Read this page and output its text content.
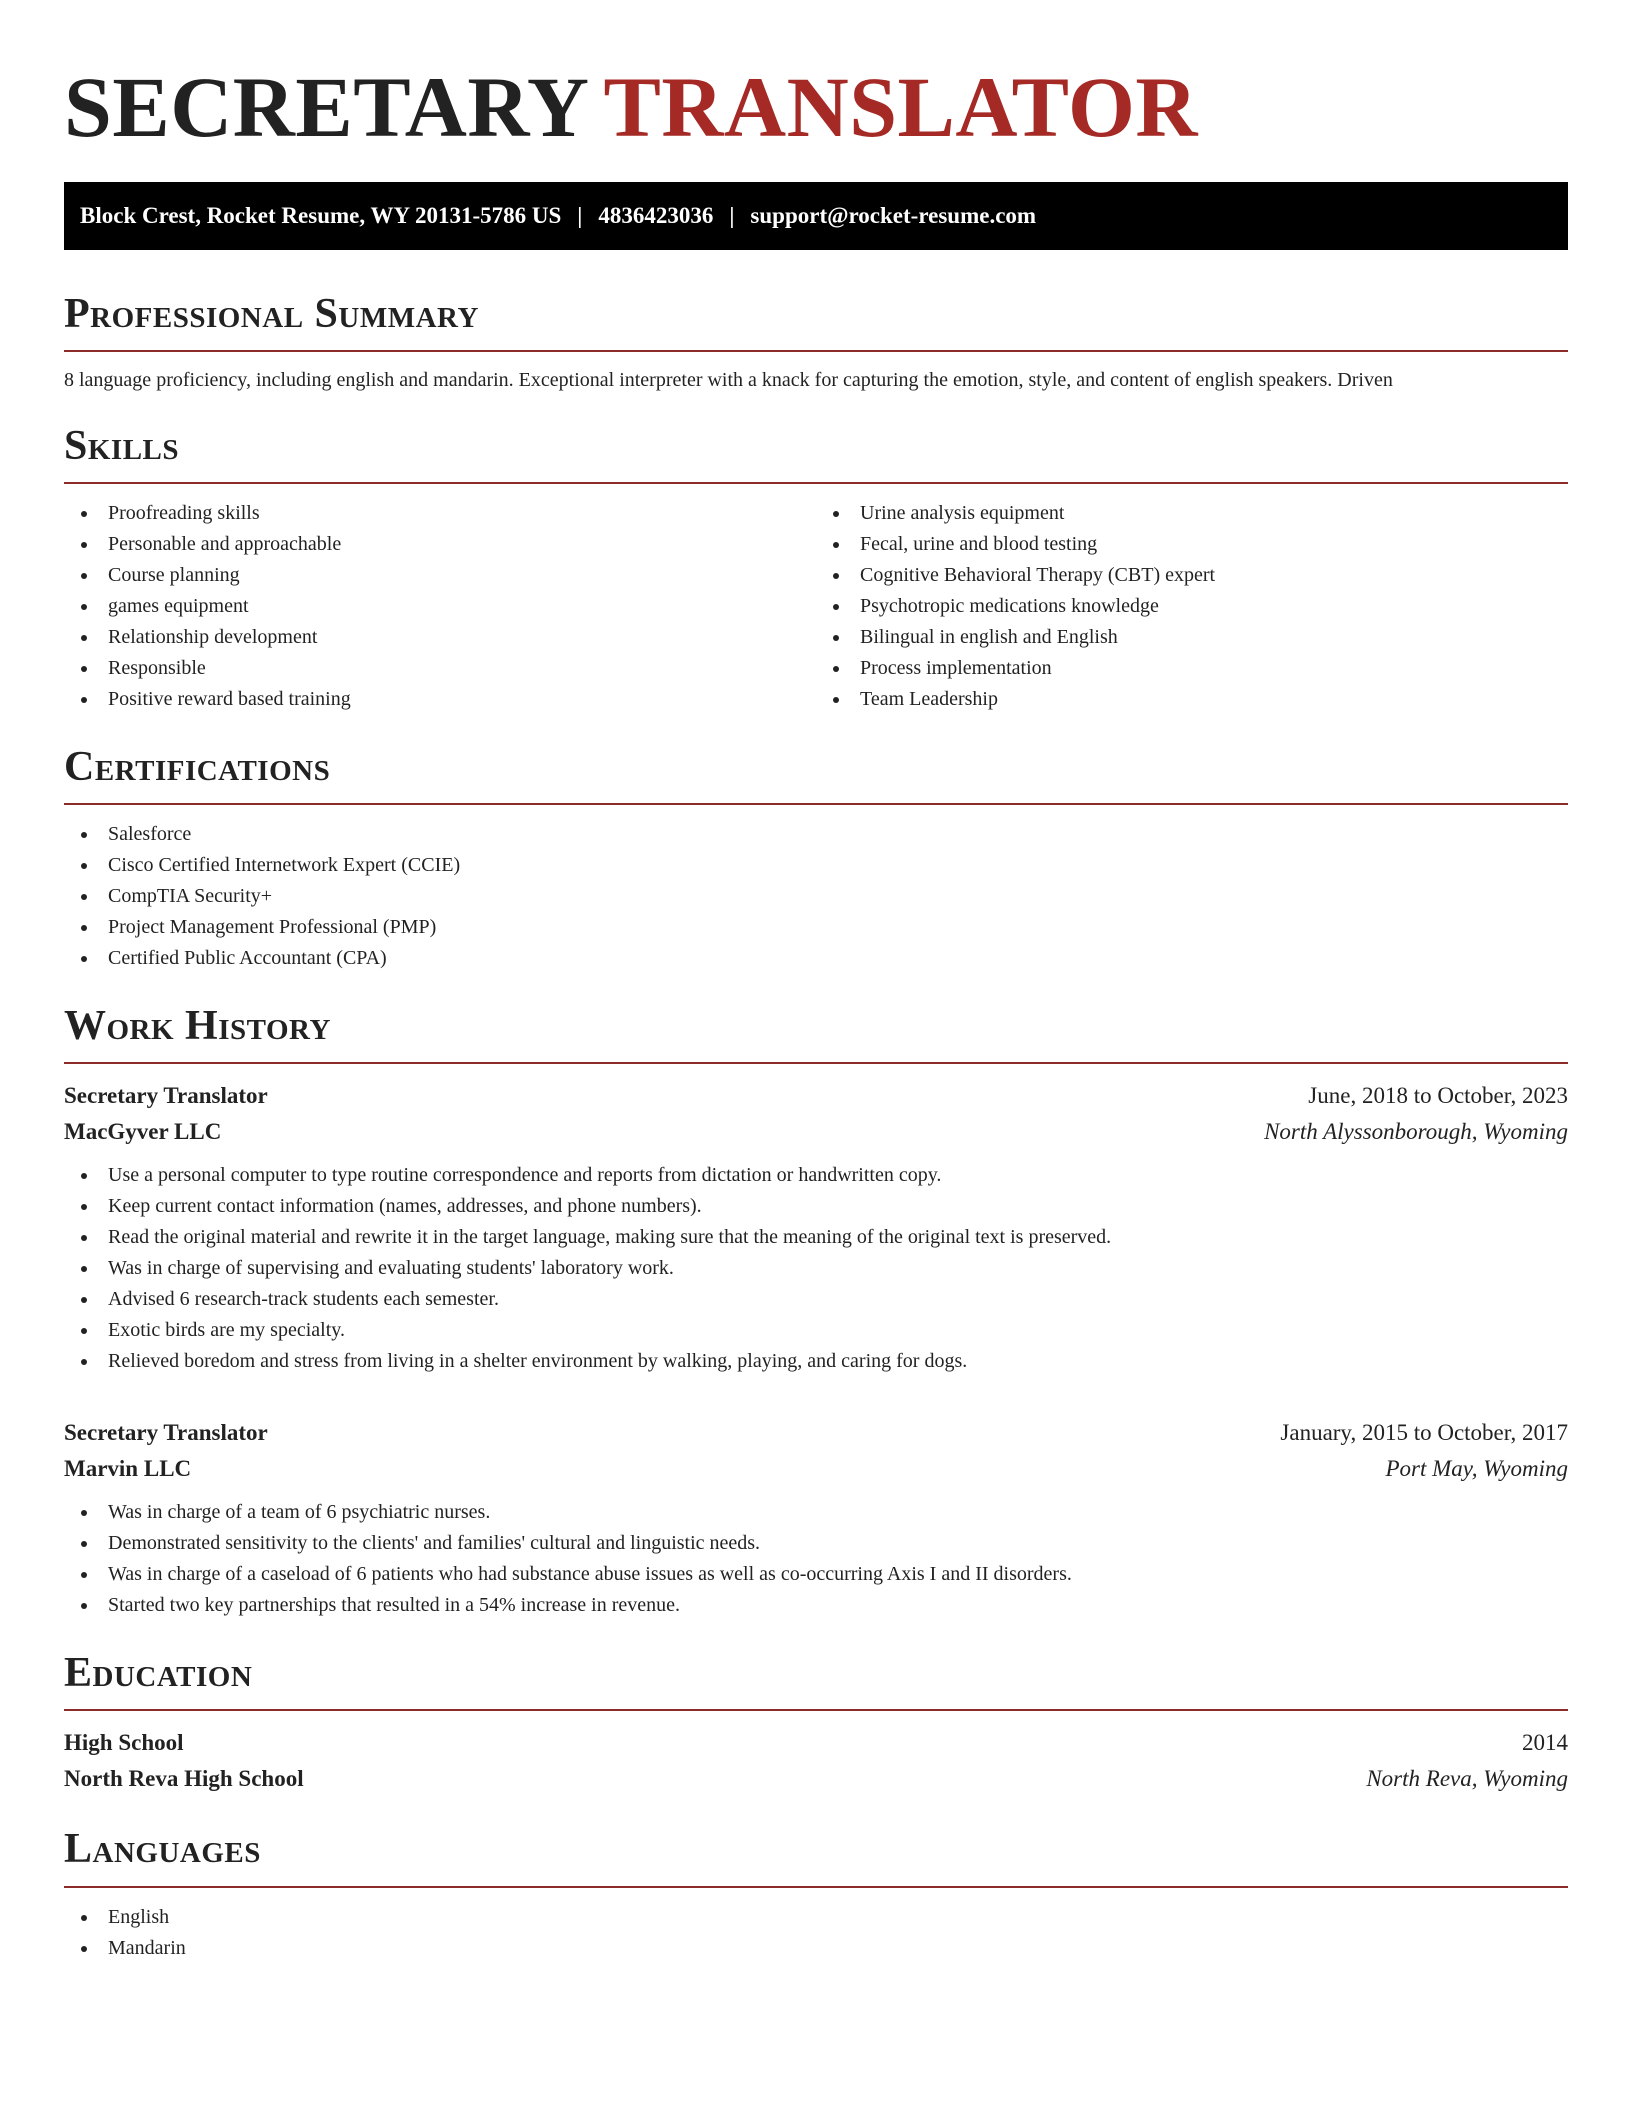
SECRETARY TRANSLATOR
Block Crest, Rocket Resume, WY 20131-5786 US | 4836423036 | support@rocket-resume.com
Professional Summary

8 language proficiency, including english and mandarin. Exceptional interpreter with a knack for capturing the emotion, style, and content of english speakers. Driven

Skills
Proofreading skills
Personable and approachable
Course planning
games equipment
Relationship development
Responsible
Positive reward based training
Urine analysis equipment
Fecal, urine and blood testing
Cognitive Behavioral Therapy (CBT) expert
Psychotropic medications knowledge
Bilingual in english and English
Process implementation
Team Leadership
Certifications
Salesforce
Cisco Certified Internetwork Expert (CCIE)
CompTIA Security+
Project Management Professional (PMP)
Certified Public Accountant (CPA)
Work History
Secretary Translator	June, 2018 to October, 2023
MacGyver LLC	North Alyssonborough, Wyoming
Use a personal computer to type routine correspondence and reports from dictation or handwritten copy.
Keep current contact information (names, addresses, and phone numbers).
Read the original material and rewrite it in the target language, making sure that the meaning of the original text is preserved.
Was in charge of supervising and evaluating students' laboratory work.
Advised 6 research-track students each semester.
Exotic birds are my specialty.
Relieved boredom and stress from living in a shelter environment by walking, playing, and caring for dogs.
Secretary Translator	January, 2015 to October, 2017
Marvin LLC	Port May, Wyoming
Was in charge of a team of 6 psychiatric nurses.
Demonstrated sensitivity to the clients' and families' cultural and linguistic needs.
Was in charge of a caseload of 6 patients who had substance abuse issues as well as co-occurring Axis I and II disorders.
Started two key partnerships that resulted in a 54% increase in revenue.
Education
High School	2014
North Reva High School	North Reva, Wyoming
Languages
English
Mandarin
